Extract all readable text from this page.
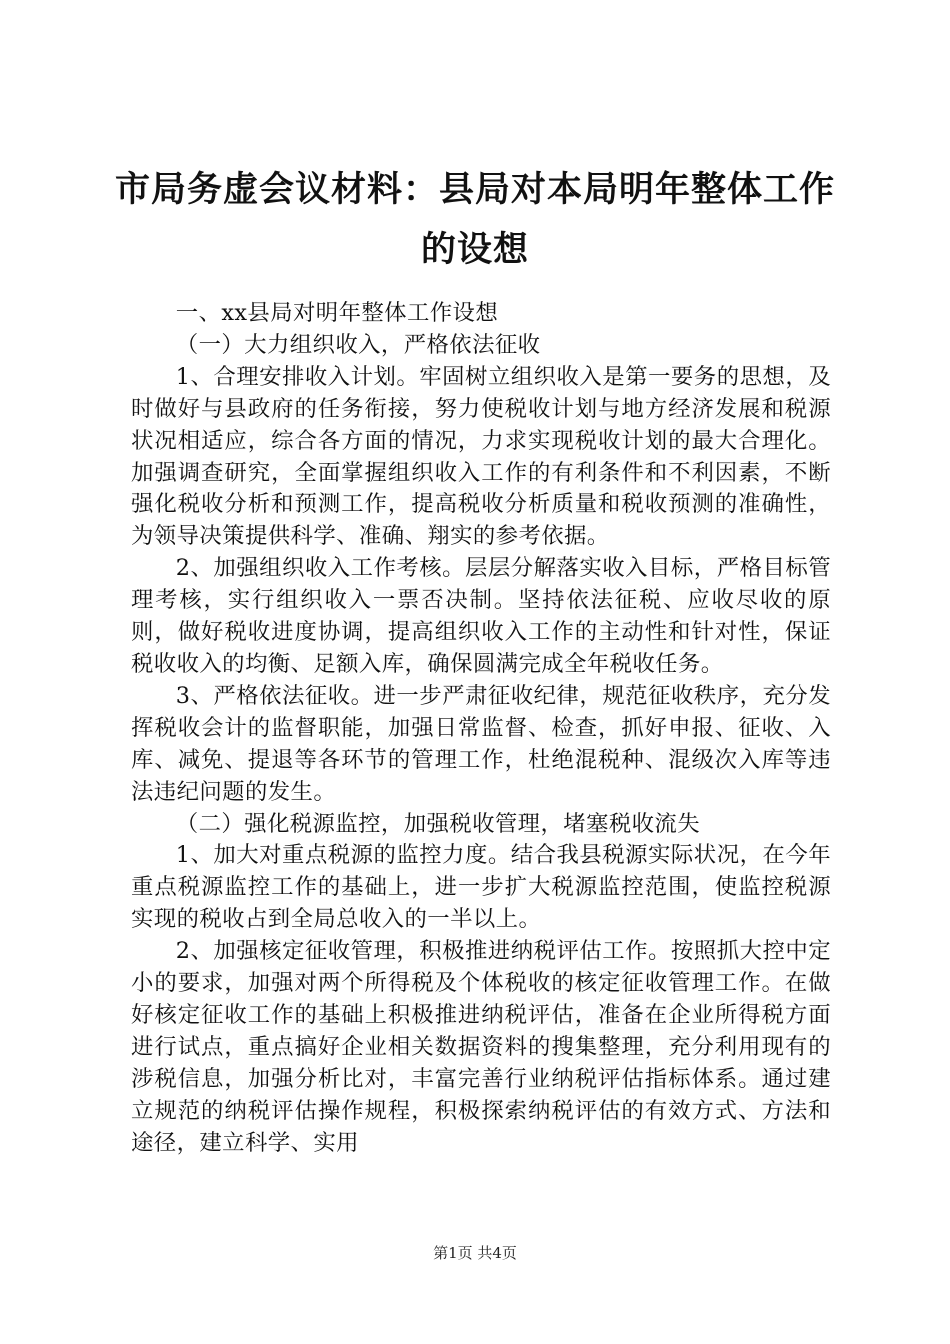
市局务虚会议材料：县局对本局明年整体工作
的设想

一、xx县局对明年整体工作设想

（一）大力组织收入，严格依法征收

1、合理安排收入计划。牢固树立组织收入是第一要务的思想，及时做好与县政府的任务衔接，努力使税收计划与地方经济发展和税源状况相适应，综合各方面的情况，力求实现税收计划的最大合理化。加强调查研究，全面掌握组织收入工作的有利条件和不利因素，不断强化税收分析和预测工作，提高税收分析质量和税收预测的准确性，为领导决策提供科学、准确、翔实的参考依据。

2、加强组织收入工作考核。层层分解落实收入目标，严格目标管理考核，实行组织收入一票否决制。坚持依法征税、应收尽收的原则，做好税收进度协调，提高组织收入工作的主动性和针对性，保证税收收入的均衡、足额入库，确保圆满完成全年税收任务。

3、严格依法征收。进一步严肃征收纪律，规范征收秩序，充分发挥税收会计的监督职能，加强日常监督、检查，抓好申报、征收、入库、减免、提退等各环节的管理工作，杜绝混税种、混级次入库等违法违纪问题的发生。

（二）强化税源监控，加强税收管理，堵塞税收流失

1、加大对重点税源的监控力度。结合我县税源实际状况，在今年重点税源监控工作的基础上，进一步扩大税源监控范围，使监控税源实现的税收占到全局总收入的一半以上。

2、加强核定征收管理，积极推进纳税评估工作。按照抓大控中定小的要求，加强对两个所得税及个体税收的核定征收管理工作。在做好核定征收工作的基础上积极推进纳税评估，准备在企业所得税方面进行试点，重点搞好企业相关数据资料的搜集整理，充分利用现有的涉税信息，加强分析比对，丰富完善行业纳税评估指标体系。通过建立规范的纳税评估操作规程，积极探索纳税评估的有效方式、方法和途径，建立科学、实用

第1页 共4页
